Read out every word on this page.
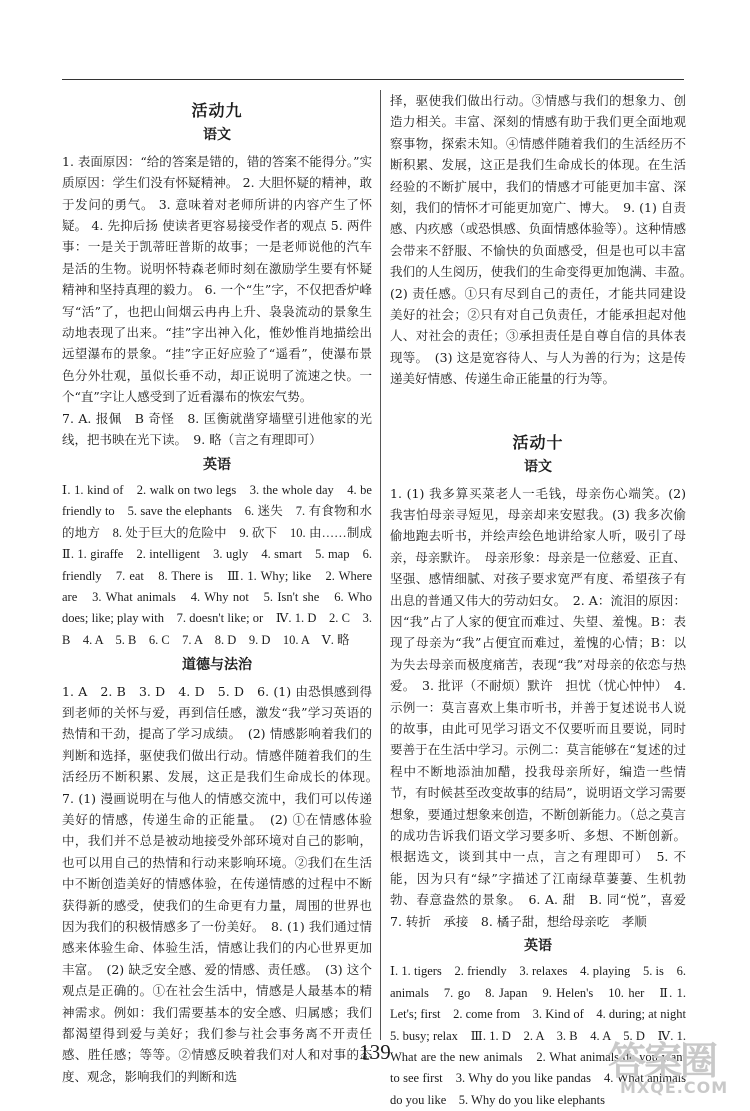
活动九
语文

1. 表面原因：“给的答案是错的，错的答案不能得分。”实质原因：学生们没有怀疑精神。 2. 大胆怀疑的精神，敢于发问的勇气。 3. 意味着对老师所讲的内容产生了怀疑。 4. 先抑后扬 使读者更容易接受作者的观点 5. 两件事：一是关于凯蒂旺普斯的故事；一是老师说他的汽车是活的生物。说明怀特森老师时刻在激励学生要有怀疑精神和坚持真理的毅力。 6. 一个“生”字，不仅把香炉峰写“活”了，也把山间烟云冉冉上升、袅袅流动的景象生动地表现了出来。“挂”字出神入化，惟妙惟肖地描绘出远望瀑布的景象。“挂”字正好应验了“遥看”，使瀑布景色分外壮观，虽似长垂不动，却正说明了流速之快。一个“直”字让人感受到了近看瀑布的恢宏气势。

7. A. 报佩　B 奇怪　8. 匡衡就凿穿墙壁引进他家的光线，把书映在光下读。　9. 略（言之有理即可）

英语

Ⅰ. 1. kind of　2. walk on two legs　3. the whole day　4. be friendly to　5. save the elephants　6. 迷失　7. 有食物和水的地方　8. 处于巨大的危险中　9. 砍下　10. 由……制成　Ⅱ. 1. giraffe　2. intelligent　3. ugly　4. smart　5. map　6. friendly　7. eat　8. There is　Ⅲ. 1. Why; like　2. Where　are　3. What animals　4. Why not　5. Isn't she　6. Who does; like; play with　7. doesn't like; or　Ⅳ. 1. D　2. C　3. B　4. A　5. B　6. C　7. A　8. D　9. D　10. A　Ⅴ. 略

道德与法治

1. A　2. B　3. D　4. D　5. D　6. (1) 由恐惧感到得到老师的关怀与爱，再到信任感，激发“我”学习英语的热情和干劲，提高了学习成绩。　(2) 情感影响着我们的判断和选择，驱使我们做出行动。情感伴随着我们的生活经历不断积累、发展，这正是我们生命成长的体现。　7. (1) 漫画说明在与他人的情感交流中，我们可以传递美好的情感，传递生命的正能量。　(2) ①在情感体验中，我们并不总是被动地接受外部环境对自己的影响，也可以用自己的热情和行动来影响环境。②我们在生活中不断创造美好的情感体验，在传递情感的过程中不断获得新的感受，使我们的生命更有力量，周围的世界也因为我们的积极情感多了一份美好。　8. (1) 我们通过情感来体验生命、体验生活，情感让我们的内心世界更加丰富。　(2) 缺乏安全感、爱的情感、责任感。　(3) 这个观点是正确的。①在社会生活中，情感是人最基本的精神需求。例如：我们需要基本的安全感、归属感；我们都渴望得到爱与美好；我们参与社会事务离不开责任感、胜任感；等等。②情感反映着我们对人和对事的态度、观念，影响我们的判断和选

择，驱使我们做出行动。③情感与我们的想象力、创造力相关。丰富、深刻的情感有助于我们更全面地观察事物，探索未知。④情感伴随着我们的生活经历不断积累、发展，这正是我们生命成长的体现。在生活经验的不断扩展中，我们的情感才可能更加丰富、深刻，我们的情怀才可能更加宽广、博大。　9. (1) 自责感、内疚感（或恐惧感、负面情感体验等）。这种情感会带来不舒服、不愉快的负面感受，但是也可以丰富我们的人生阅历，使我们的生命变得更加饱满、丰盈。　(2) 责任感。①只有尽到自己的责任，才能共同建设美好的社会；②只有对自己负责任，才能承担起对他人、对社会的责任；③承担责任是自尊自信的具体表现等。　(3) 这是宽容待人、与人为善的行为；这是传递美好情感、传递生命正能量的行为等。

活动十
语文

1. (1) 我多算买菜老人一毛钱，母亲伤心端笑。(2) 我害怕母亲寻短见，母亲却来安慰我。(3) 我多次偷偷地跑去听书，并绘声绘色地讲给家人听，吸引了母亲，母亲默许。　母亲形象：母亲是一位慈爱、正直、坚强、感情细腻、对孩子要求宽严有度、希望孩子有出息的普通又伟大的劳动妇女。　2. A：流泪的原因：因“我”占了人家的便宜而难过、失望、羞愧。B：表现了母亲为“我”占便宜而难过，羞愧的心情；B：以为失去母亲而极度痛苦，表现“我”对母亲的依恋与热爱。　3. 批评（不耐烦）默许　担忧（忧心忡忡）　4. 示例一：莫言喜欢上集市听书，并善于复述说书人说的故事，由此可见学习语文不仅要听而且要说，同时要善于在生活中学习。示例二：莫言能够在“复述的过程中不断地添油加醋，投我母亲所好，编造一些情节，有时候甚至改变故事的结局”，说明语文学习需要想象，要通过想象来创造，不断创新能力。（总之莫言的成功告诉我们语文学习要多听、多想、不断创新。根据选文，谈到其中一点，言之有理即可）　5. 不能，因为只有“绿”字描述了江南绿草萋萋、生机勃勃、春意盎然的景象。　6. A. 甜　B. 同“悦”，喜爱　7. 转折　承接　8. 橘子甜，想给母亲吃　孝顺

英语

Ⅰ. 1. tigers　2. friendly　3. relaxes　4. playing　5. is　6. animals　7. go　8. Japan　9. Helen's　10. her　Ⅱ. 1. Let's; first　2. come from　3. Kind of　4. during; at night　5. busy; relax　Ⅲ. 1. D　2. A　3. B　4. A　5. D　Ⅳ. 1. What are the new animals　2. What animals do you want to see first　3. Why do you like pandas　4. What animals do you like　5. Why do you like elephants

139	答案圈
MXQE.COM
